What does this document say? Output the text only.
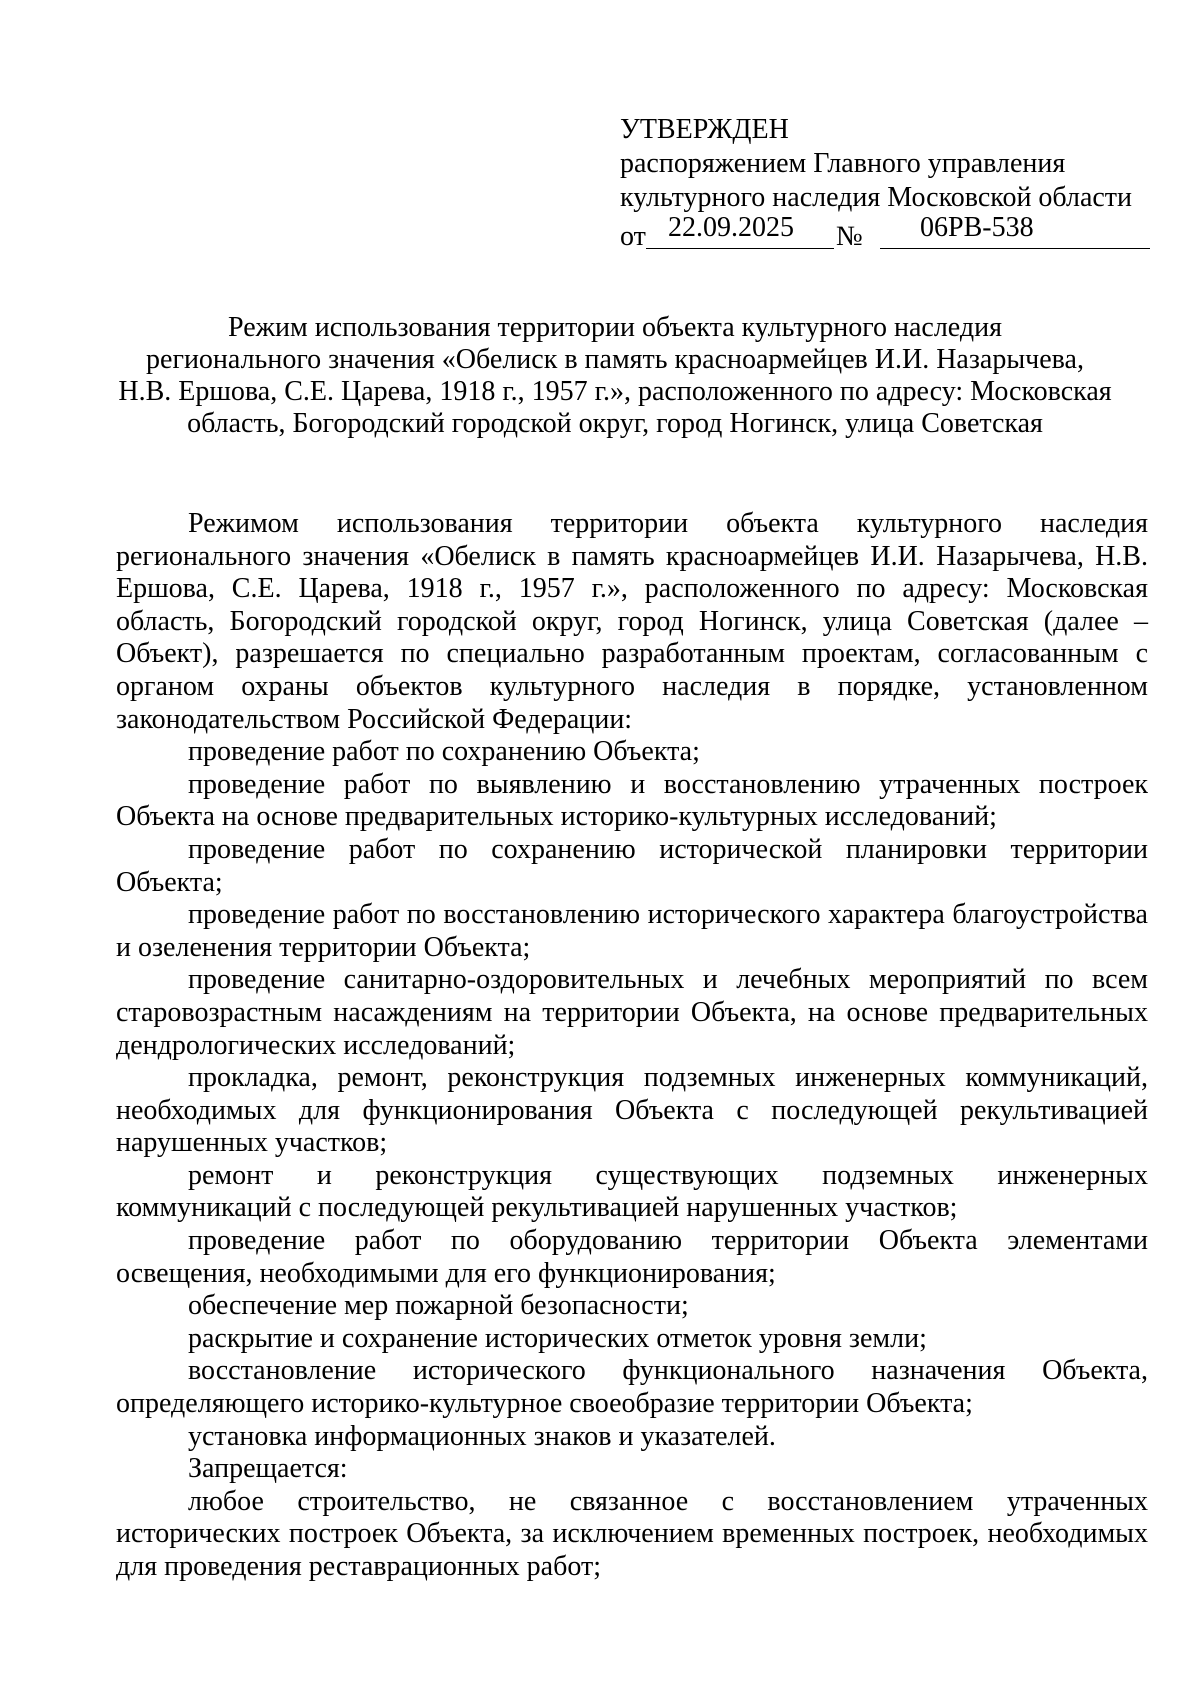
УТВЕРЖДЕН
распоряжением Главного управления
культурного наследия Московской области
от 22.09.2025 № 06РВ-538
Режим использования территории объекта культурного наследия
регионального значения «Обелиск в память красноармейцев И.И. Назарычева,
Н.В. Ершова, С.Е. Царева, 1918 г., 1957 г.», расположенного по адресу: Московская
область, Богородский городской округ, город Ногинск, улица Советская

Режимом использования территории объекта культурного наследия регионального значения «Обелиск в память красноармейцев И.И. Назарычева, Н.В. Ершова, С.Е. Царева, 1918 г., 1957 г.», расположенного по адресу: Московская область, Богородский городской округ, город Ногинск, улица Советская (далее – Объект), разрешается по специально разработанным проектам, согласованным с органом охраны объектов культурного наследия в порядке, установленном законодательством Российской Федерации:

проведение работ по сохранению Объекта;

проведение работ по выявлению и восстановлению утраченных построек Объекта на основе предварительных историко-культурных исследований;

проведение работ по сохранению исторической планировки территории Объекта;

проведение работ по восстановлению исторического характера благоустройства и озеленения территории Объекта;

проведение санитарно-оздоровительных и лечебных мероприятий по всем старовозрастным насаждениям на территории Объекта, на основе предварительных дендрологических исследований;

прокладка, ремонт, реконструкция подземных инженерных коммуникаций, необходимых для функционирования Объекта с последующей рекультивацией нарушенных участков;

ремонт и реконструкция существующих подземных инженерных коммуникаций с последующей рекультивацией нарушенных участков;

проведение работ по оборудованию территории Объекта элементами освещения, необходимыми для его функционирования;

обеспечение мер пожарной безопасности;

раскрытие и сохранение исторических отметок уровня земли;

восстановление исторического функционального назначения Объекта, определяющего историко-культурное своеобразие территории Объекта;

установка информационных знаков и указателей.

Запрещается:

любое строительство, не связанное с восстановлением утраченных исторических построек Объекта, за исключением временных построек, необходимых для проведения реставрационных работ;
